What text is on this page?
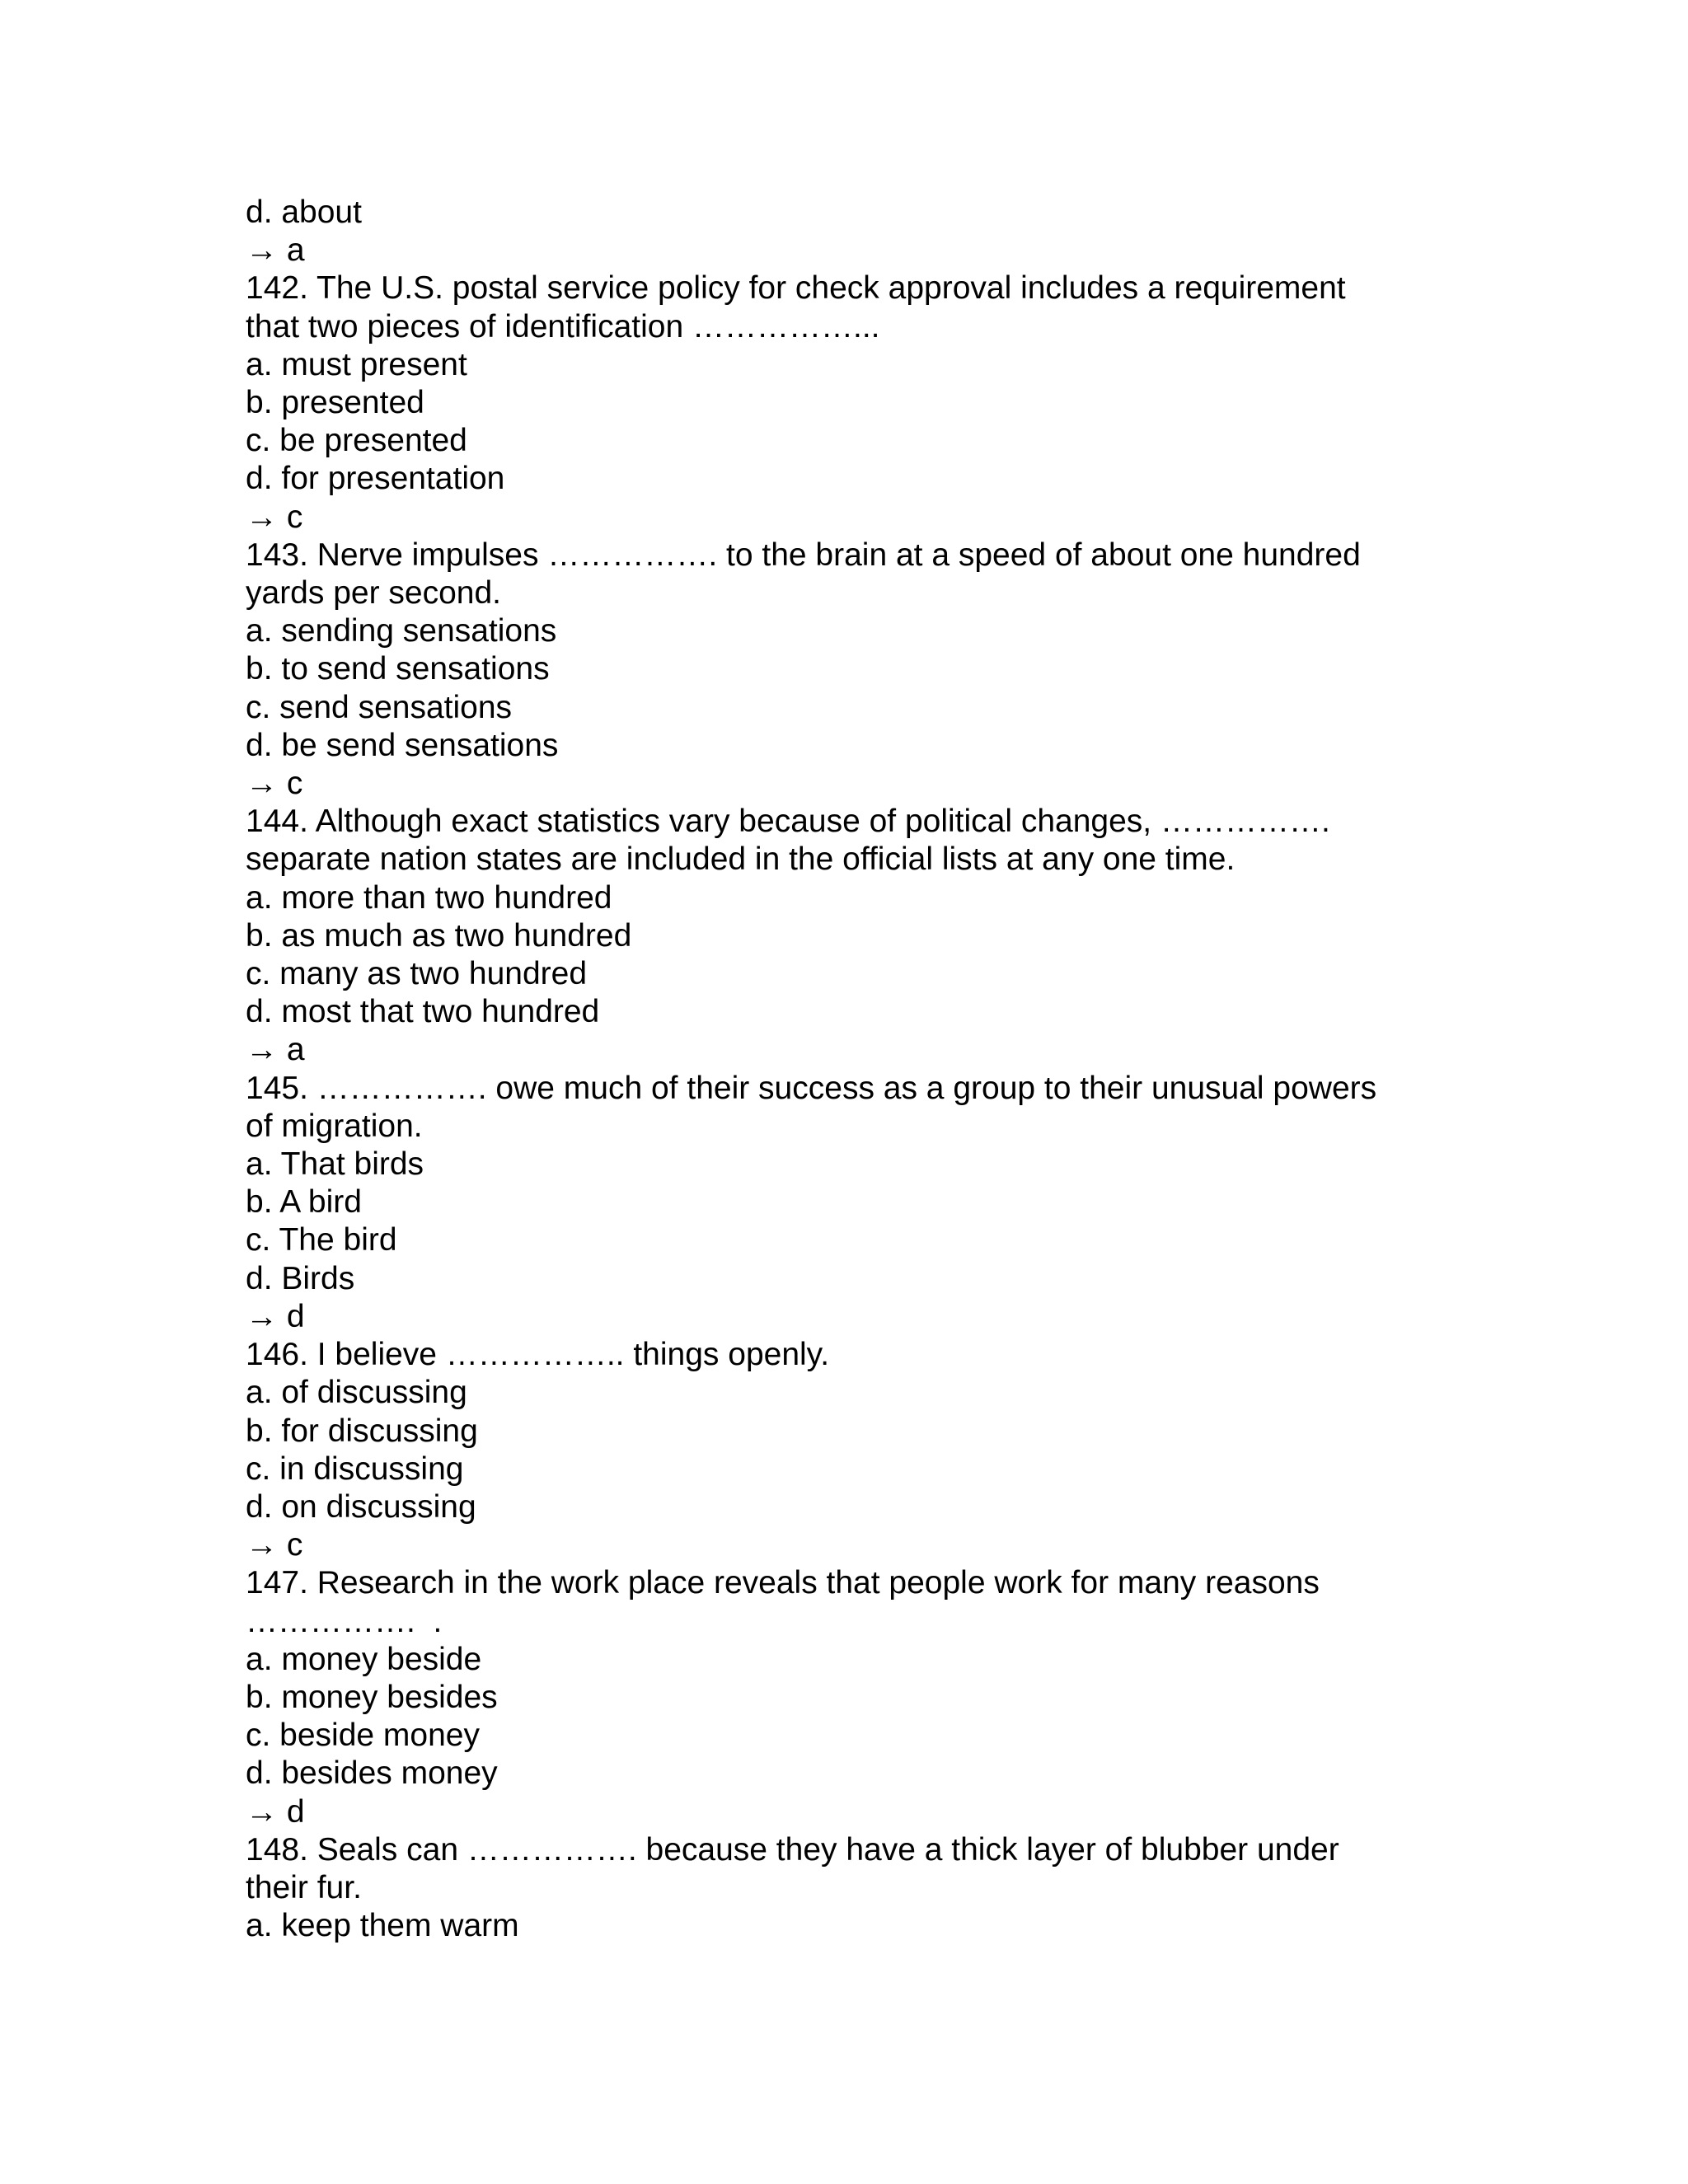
d. about

→ a

142. The U.S. postal service policy for check approval includes a requirement

that two pieces of identification ……………...

a. must present

b. presented

c. be presented

d. for presentation

→ c

143. Nerve impulses ……………. to the brain at a speed of about one hundred

yards per second.

a. sending sensations

b. to send sensations

c. send sensations

d. be send sensations

→ c

144. Although exact statistics vary because of political changes, …………….

separate nation states are included in the official lists at any one time.

a. more than two hundred

b. as much as two hundred

c. many as two hundred

d. most that two hundred

→ a

145. ……………. owe much of their success as a group to their unusual powers

of migration.

a. That birds

b. A bird

c. The bird

d. Birds

→ d

146. I believe …………….. things openly.

a. of discussing

b. for discussing

c. in discussing

d. on discussing

→ c

147. Research in the work place reveals that people work for many reasons

…………….  .

a. money beside

b. money besides

c. beside money

d. besides money

→ d

148. Seals can ……………. because they have a thick layer of blubber under

their fur.

a. keep them warm
